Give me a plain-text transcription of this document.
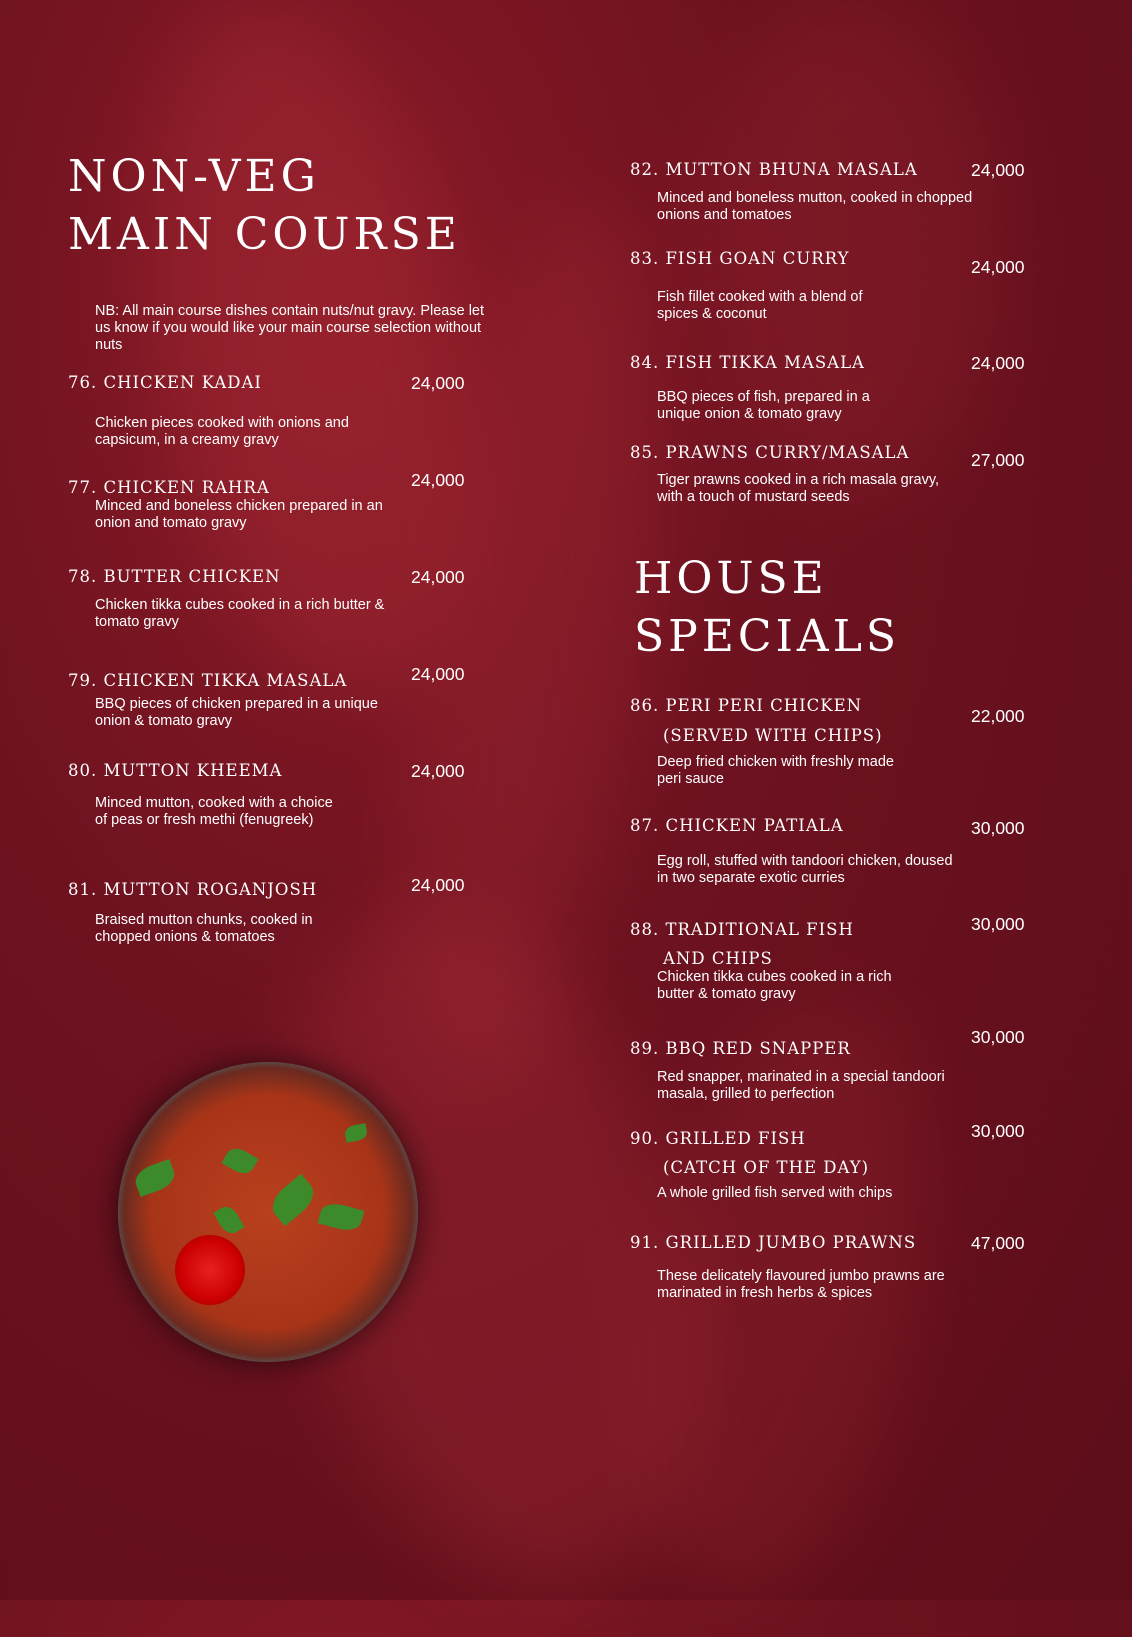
NON-VEG
MAIN COURSE
NB: All main course dishes contain nuts/nut gravy. Please let us know if you would like your main course selection without nuts
76. CHICKEN KADAI
Chicken pieces cooked with onions and capsicum, in a creamy gravy
24,000
77. CHICKEN RAHRA
Minced and boneless chicken prepared in an onion and tomato gravy
24,000
78. BUTTER CHICKEN
Chicken tikka cubes cooked in a rich butter & tomato gravy
24,000
79. CHICKEN TIKKA MASALA
BBQ pieces of chicken prepared in a unique onion & tomato gravy
24,000
80. MUTTON KHEEMA
Minced mutton, cooked with a choice of peas or fresh methi (fenugreek)
24,000
81. MUTTON ROGANJOSH
Braised mutton chunks, cooked in chopped onions & tomatoes
24,000
82. MUTTON BHUNA MASALA
Minced and boneless mutton, cooked in chopped onions and tomatoes
24,000
83. FISH GOAN CURRY
Fish fillet cooked with a blend of spices & coconut
24,000
84. FISH TIKKA MASALA
BBQ pieces of fish, prepared in a unique onion & tomato gravy
24,000
85. PRAWNS CURRY/MASALA
Tiger prawns cooked in a rich masala gravy, with a touch of mustard seeds
27,000
HOUSE
SPECIALS
86. PERI PERI CHICKEN
(SERVED WITH CHIPS)
Deep fried chicken with freshly made peri sauce
22,000
87. CHICKEN PATIALA
Egg roll, stuffed with tandoori chicken, doused in two separate exotic curries
30,000
88. TRADITIONAL FISH
AND CHIPS
Chicken tikka cubes cooked in a rich butter & tomato gravy
30,000
89. BBQ RED SNAPPER
Red snapper, marinated in a special tandoori masala, grilled to perfection
30,000
90. GRILLED FISH
(CATCH OF THE DAY)
A whole grilled fish served with chips
30,000
91. GRILLED JUMBO PRAWNS
These delicately flavoured jumbo prawns are marinated in fresh herbs & spices
47,000
